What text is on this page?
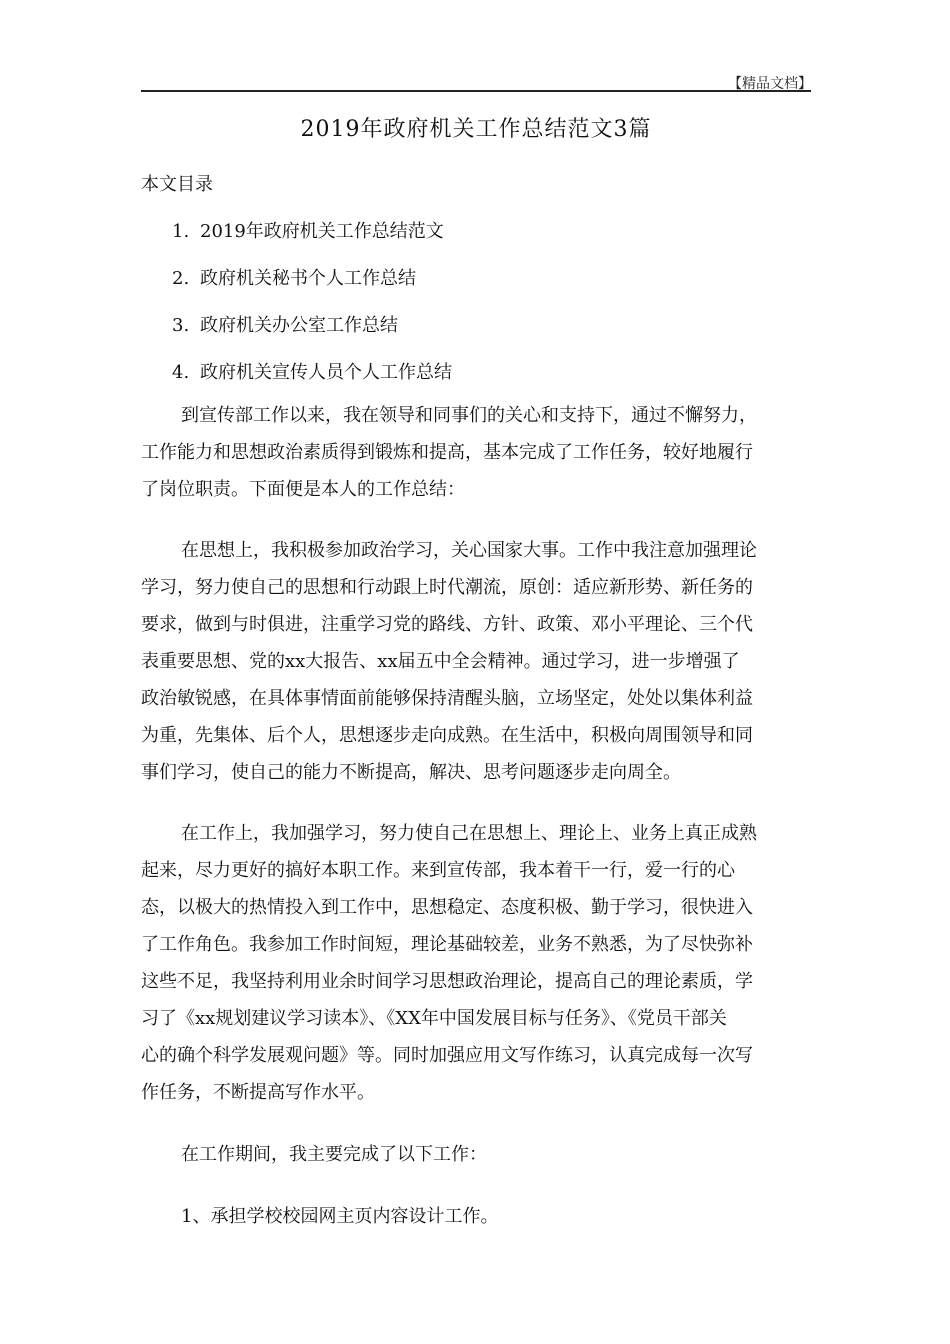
【精品文档】
2019年政府机关工作总结范文3篇
本文目录
1. 2019年政府机关工作总结范文
2. 政府机关秘书个人工作总结
3. 政府机关办公室工作总结
4. 政府机关宣传人员个人工作总结
到宣传部工作以来，我在领导和同事们的关心和支持下，通过不懈努力，
工作能力和思想政治素质得到锻炼和提高，基本完成了工作任务，较好地履行
了岗位职责。下面便是本人的工作总结：
在思想上，我积极参加政治学习，关心国家大事。工作中我注意加强理论
学习，努力使自己的思想和行动跟上时代潮流，原创：适应新形势、新任务的
要求，做到与时俱进，注重学习党的路线、方针、政策、邓小平理论、三个代
表重要思想、党的xx大报告、xx届五中全会精神。通过学习，进一步增强了
政治敏锐感，在具体事情面前能够保持清醒头脑，立场坚定，处处以集体利益
为重，先集体、后个人，思想逐步走向成熟。在生活中，积极向周围领导和同
事们学习，使自己的能力不断提高，解决、思考问题逐步走向周全。
在工作上，我加强学习，努力使自己在思想上、理论上、业务上真正成熟
起来，尽力更好的搞好本职工作。来到宣传部，我本着干一行，爱一行的心
态，以极大的热情投入到工作中，思想稳定、态度积极、勤于学习，很快进入
了工作角色。我参加工作时间短，理论基础较差，业务不熟悉，为了尽快弥补
这些不足，我坚持利用业余时间学习思想政治理论，提高自己的理论素质，学
习了《xx规划建议学习读本》、《XX年中国发展目标与任务》、《党员干部关
心的确个科学发展观问题》等。同时加强应用文写作练习，认真完成每一次写
作任务，不断提高写作水平。
在工作期间，我主要完成了以下工作：
1、承担学校校园网主页内容设计工作。
